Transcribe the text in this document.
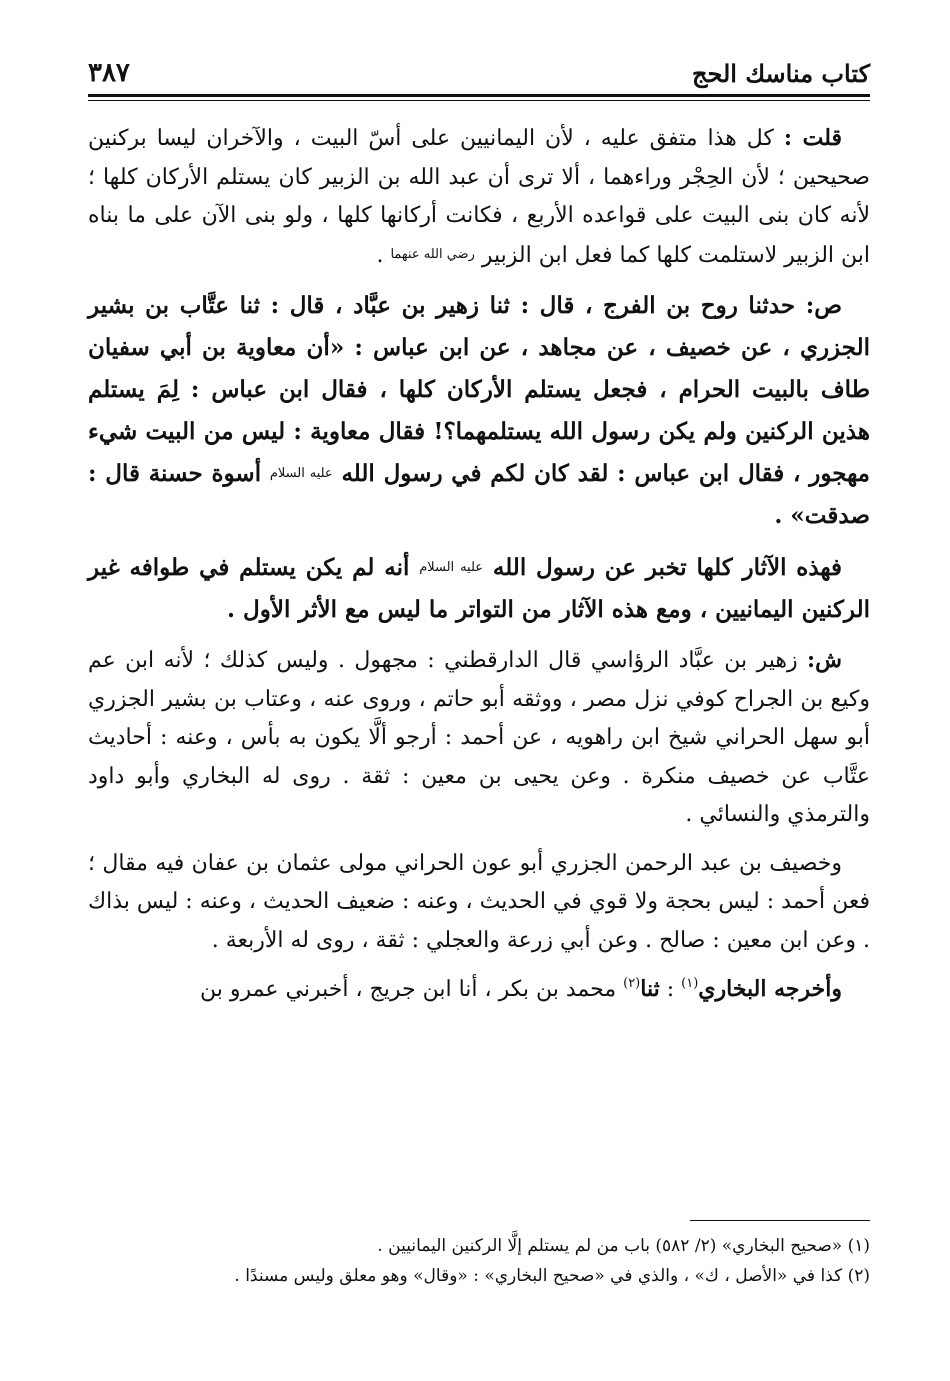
كتاب مناسك الحج
٣٨٧

قلت : كل هذا متفق عليه ، لأن اليمانيين على أسّ البيت ، والآخران ليسا بركنين صحيحين ؛ لأن الحِجْر وراءهما ، ألا ترى أن عبد الله بن الزبير كان يستلم الأركان كلها ؛ لأنه كان بنى البيت على قواعده الأربع ، فكانت أركانها كلها ، ولو بنى الآن على ما بناه ابن الزبير لاستلمت كلها كما فعل ابن الزبير رضي الله عنهما .

ص: حدثنا روح بن الفرج ، قال : ثنا زهير بن عبَّاد ، قال : ثنا عتَّاب بن بشير الجزري ، عن خصيف ، عن مجاهد ، عن ابن عباس : «أن معاوية بن أبي سفيان طاف بالبيت الحرام ، فجعل يستلم الأركان كلها ، فقال ابن عباس : لِمَ يستلم هذين الركنين ولم يكن رسول الله يستلمهما؟! فقال معاوية : ليس من البيت شيء مهجور ، فقال ابن عباس : لقد كان لكم في رسول الله عليه السلام أسوة حسنة قال : صدقت» .

فهذه الآثار كلها تخبر عن رسول الله عليه السلام أنه لم يكن يستلم في طوافه غير الركنين اليمانيين ، ومع هذه الآثار من التواتر ما ليس مع الأثر الأول .

ش: زهير بن عبَّاد الرؤاسي قال الدارقطني : مجهول . وليس كذلك ؛ لأنه ابن عم وكيع بن الجراح كوفي نزل مصر ، ووثقه أبو حاتم ، وروى عنه ، وعتاب بن بشير الجزري أبو سهل الحراني شيخ ابن راهويه ، عن أحمد : أرجو ألَّا يكون به بأس ، وعنه : أحاديث عتَّاب عن خصيف منكرة . وعن يحيى بن معين : ثقة . روى له البخاري وأبو داود والترمذي والنسائي .

وخصيف بن عبد الرحمن الجزري أبو عون الحراني مولى عثمان بن عفان فيه مقال ؛ فعن أحمد : ليس بحجة ولا قوي في الحديث ، وعنه : ضعيف الحديث ، وعنه : ليس بذاك . وعن ابن معين : صالح . وعن أبي زرعة والعجلي : ثقة ، روى له الأربعة .

وأخرجه البخاري$^{(١)}$ : ثنا$^{(٢)}$ محمد بن بكر ، أنا ابن جريج ، أخبرني عمرو بن

(١) «صحيح البخاري» (٢/ ٥٨٢) باب من لم يستلم إلَّا الركنين اليمانيين .

(٢) كذا في «الأصل ، ك» ، والذي في «صحيح البخاري» : «وقال» وهو معلق وليس مسندًا .
